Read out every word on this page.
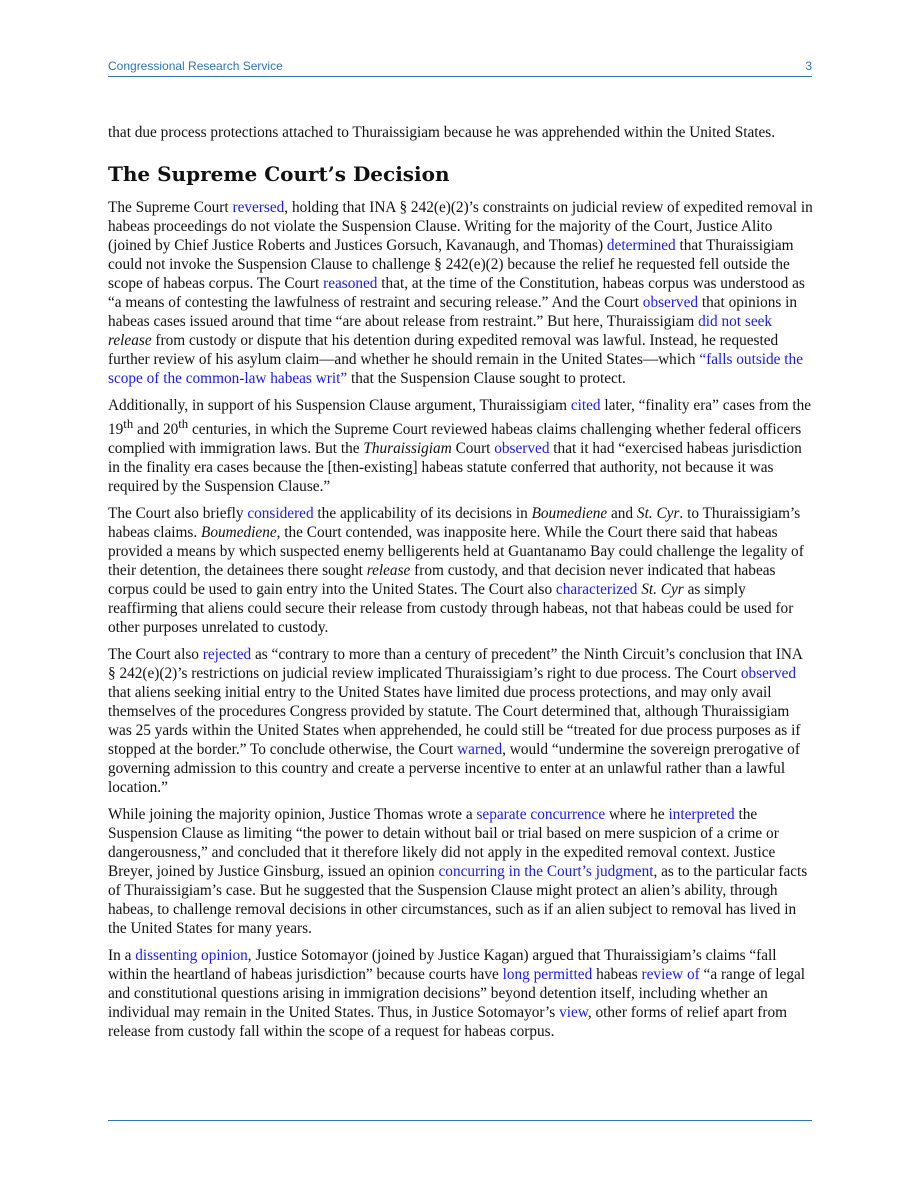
Congressional Research Service	3

that due process protections attached to Thuraissigiam because he was apprehended within the United States.

The Supreme Court’s Decision

The Supreme Court reversed, holding that INA § 242(e)(2)’s constraints on judicial review of expedited removal in habeas proceedings do not violate the Suspension Clause. Writing for the majority of the Court, Justice Alito (joined by Chief Justice Roberts and Justices Gorsuch, Kavanaugh, and Thomas) determined that Thuraissigiam could not invoke the Suspension Clause to challenge § 242(e)(2) because the relief he requested fell outside the scope of habeas corpus. The Court reasoned that, at the time of the Constitution, habeas corpus was understood as “a means of contesting the lawfulness of restraint and securing release.” And the Court observed that opinions in habeas cases issued around that time “are about release from restraint.” But here, Thuraissigiam did not seek release from custody or dispute that his detention during expedited removal was lawful. Instead, he requested further review of his asylum claim—and whether he should remain in the United States—which “falls outside the scope of the common-law habeas writ” that the Suspension Clause sought to protect.

Additionally, in support of his Suspension Clause argument, Thuraissigiam cited later, “finality era” cases from the 19th and 20th centuries, in which the Supreme Court reviewed habeas claims challenging whether federal officers complied with immigration laws. But the Thuraissigiam Court observed that it had “exercised habeas jurisdiction in the finality era cases because the [then-existing] habeas statute conferred that authority, not because it was required by the Suspension Clause.”

The Court also briefly considered the applicability of its decisions in Boumediene and St. Cyr. to Thuraissigiam’s habeas claims. Boumediene, the Court contended, was inapposite here. While the Court there said that habeas provided a means by which suspected enemy belligerents held at Guantanamo Bay could challenge the legality of their detention, the detainees there sought release from custody, and that decision never indicated that habeas corpus could be used to gain entry into the United States. The Court also characterized St. Cyr as simply reaffirming that aliens could secure their release from custody through habeas, not that habeas could be used for other purposes unrelated to custody.

The Court also rejected as “contrary to more than a century of precedent” the Ninth Circuit’s conclusion that INA § 242(e)(2)’s restrictions on judicial review implicated Thuraissigiam’s right to due process. The Court observed that aliens seeking initial entry to the United States have limited due process protections, and may only avail themselves of the procedures Congress provided by statute. The Court determined that, although Thuraissigiam was 25 yards within the United States when apprehended, he could still be “treated for due process purposes as if stopped at the border.” To conclude otherwise, the Court warned, would “undermine the sovereign prerogative of governing admission to this country and create a perverse incentive to enter at an unlawful rather than a lawful location.”

While joining the majority opinion, Justice Thomas wrote a separate concurrence where he interpreted the Suspension Clause as limiting “the power to detain without bail or trial based on mere suspicion of a crime or dangerousness,” and concluded that it therefore likely did not apply in the expedited removal context. Justice Breyer, joined by Justice Ginsburg, issued an opinion concurring in the Court’s judgment, as to the particular facts of Thuraissigiam’s case. But he suggested that the Suspension Clause might protect an alien’s ability, through habeas, to challenge removal decisions in other circumstances, such as if an alien subject to removal has lived in the United States for many years.

In a dissenting opinion, Justice Sotomayor (joined by Justice Kagan) argued that Thuraissigiam’s claims “fall within the heartland of habeas jurisdiction” because courts have long permitted habeas review of “a range of legal and constitutional questions arising in immigration decisions” beyond detention itself, including whether an individual may remain in the United States. Thus, in Justice Sotomayor’s view, other forms of relief apart from release from custody fall within the scope of a request for habeas corpus.
